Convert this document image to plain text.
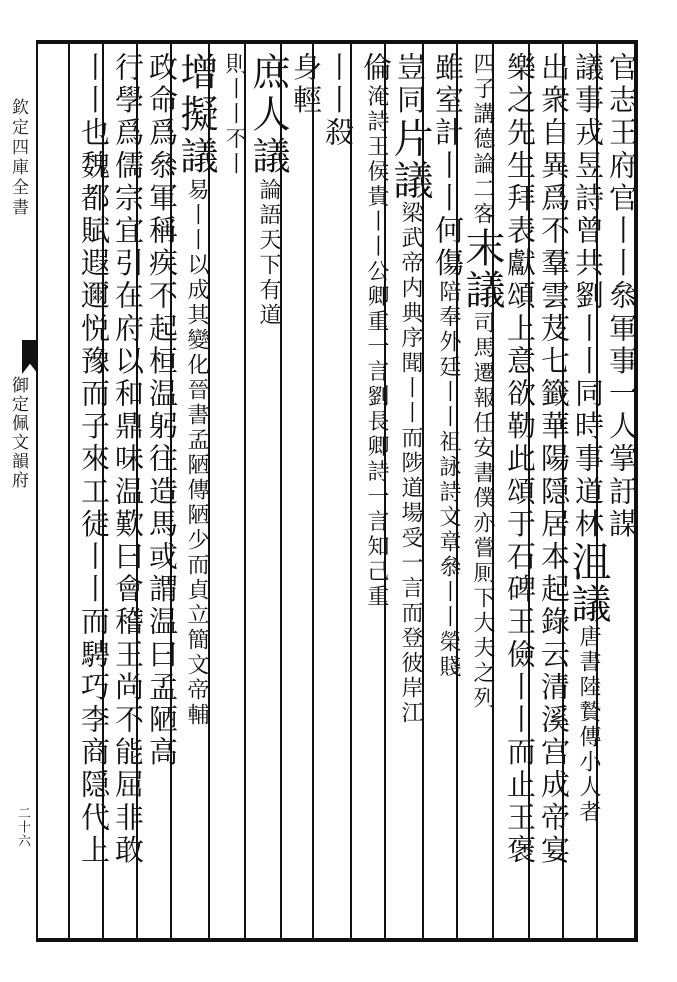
欽定四庫全書
御定佩文韻府
二十六
官志王府官丨丨叅軍事一人掌訏謀
議事戎昱詩曾共劉丨丨同時事道林沮議唐書陸贄傳小人者
出衆自異爲不羣雲芨七籤華陽隠居本起錄云清溪宫成帝宴
樂之先生拜表獻頌上意欲勒此頌于石碑王儉丨丨而止王褒
四子講德論二客末議司馬遷報任安書僕亦嘗厠下大夫之列
雖室計丨丨何傷陪奉外廷丨丨祖詠詩文章叅丨丨榮賤
豈同片議梁武帝内典序聞丨丨而陟道場受一言而登彼岸江
倫淹詩王侯貴丨丨公卿重一言劉長卿詩一言知己重
丨丨殺
身輕
庶人議論語天下有道
則丨丨不丨
增擬議易丨丨以成其變化晉書孟陋傳陋少而貞立簡文帝輔
政命爲叅軍稱疾不起桓温躬往造馬或謂温曰孟陋高
行學爲儒宗宜引在府以和鼎味温歎曰會稽王尚不能屈非敢
丨丨也魏都賦遐邇悦豫而子來工徒丨丨而騁巧李商隠代上
